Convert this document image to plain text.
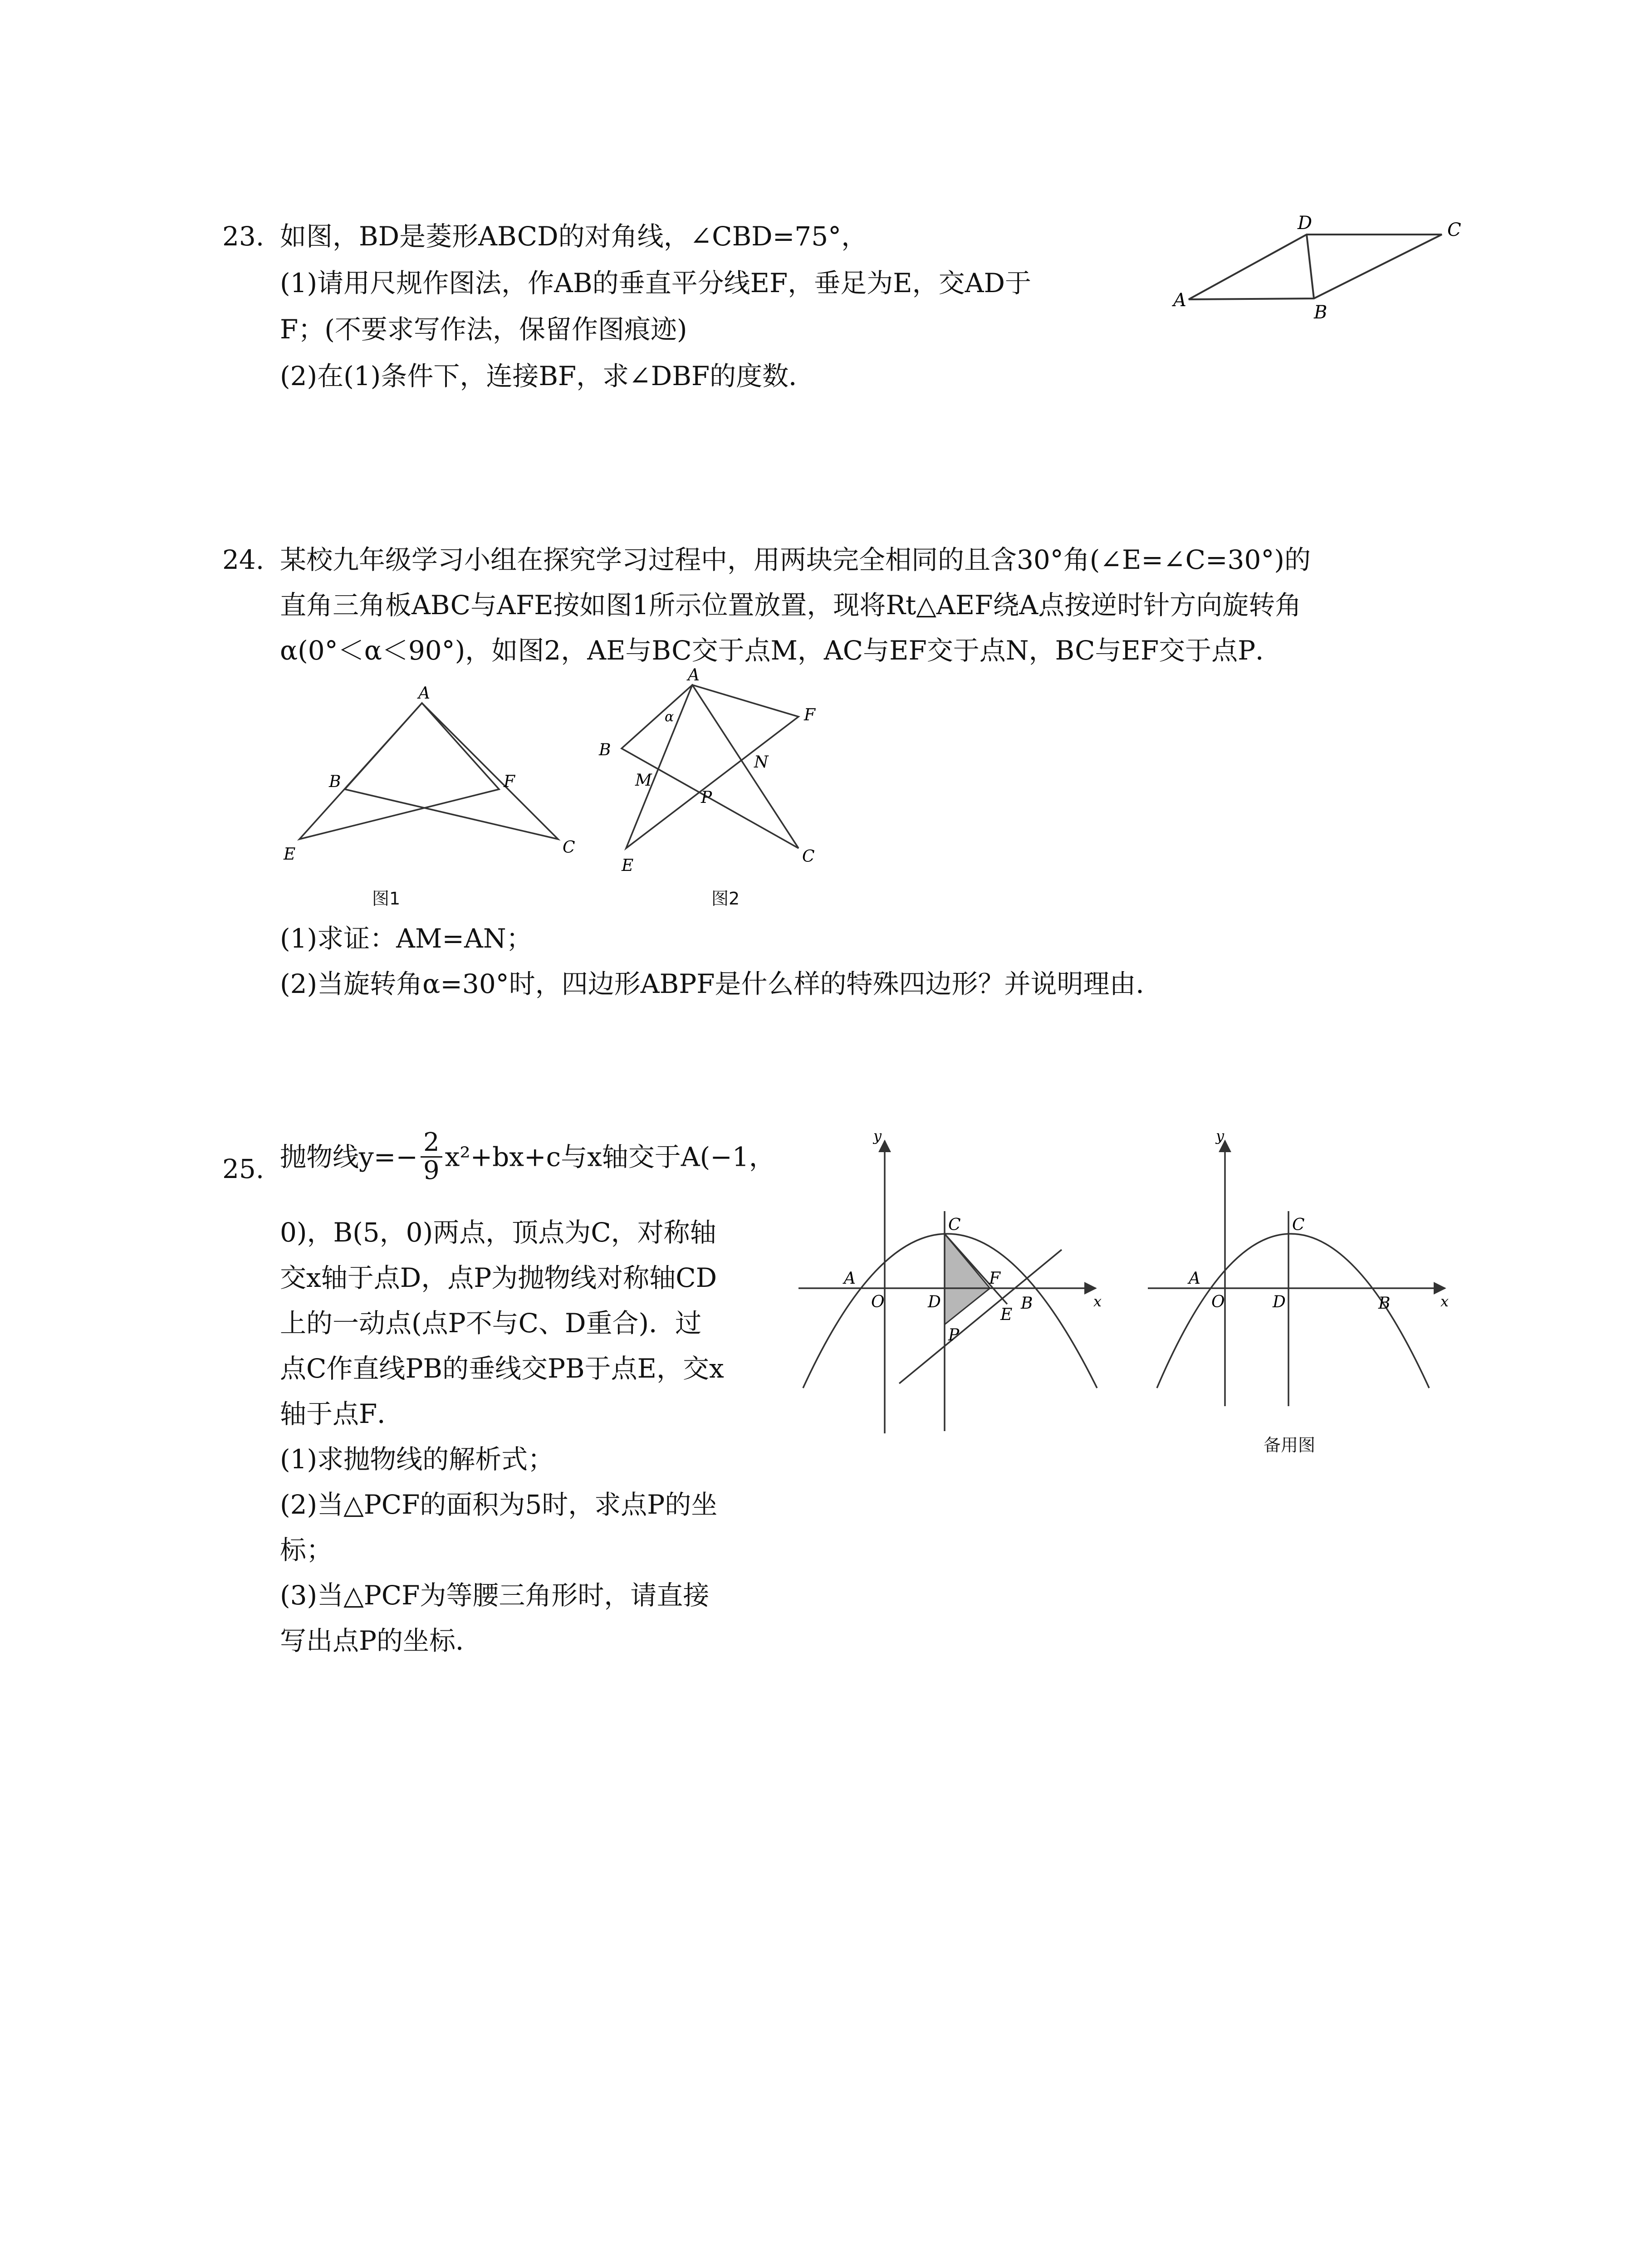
23. 如图，BD是菱形ABCD的对角线，∠CBD=75°，
(1)请用尺规作图法，作AB的垂直平分线EF，垂足为E，交AD于
F；(不要求写作法，保留作图痕迹)
(2)在(1)条件下，连接BF，求∠DBF的度数．
A
B
C
D
24. 某校九年级学习小组在探究学习过程中，用两块完全相同的且含30°角(∠E=∠C=30°)的
直角三角板ABC与AFE按如图1所示位置放置，现将Rt△AEF绕A点按逆时针方向旋转角
α(0°＜α＜90°)，如图2，AE与BC交于点M，AC与EF交于点N，BC与EF交于点P．
A
B	F
E	C
图1
A
α	F
B
M
N
P
E	C
图2
(1)求证：AM=AN；
(2)当旋转角α=30°时，四边形ABPF是什么样的特殊四边形？并说明理由．
25. 抛物线$y=- \frac{2}{9} x^2+bx+c$与x轴交于A(−1，
0)，B(5，0)两点，顶点为C，对称轴
交x轴于点D，点P为抛物线对称轴CD
上的一动点(点P不与C、D重合)．过
点C作直线PB的垂线交PB于点E，交x
轴于点F．
(1)求抛物线的解析式；
(2)当△PCF的面积为5时，求点P的坐
标；
(3)当△PCF为等腰三角形时，请直接
写出点P的坐标．
y
x
O
A
C
D
F
E
B
P
y
x
O
A
C
D	B
备用图
